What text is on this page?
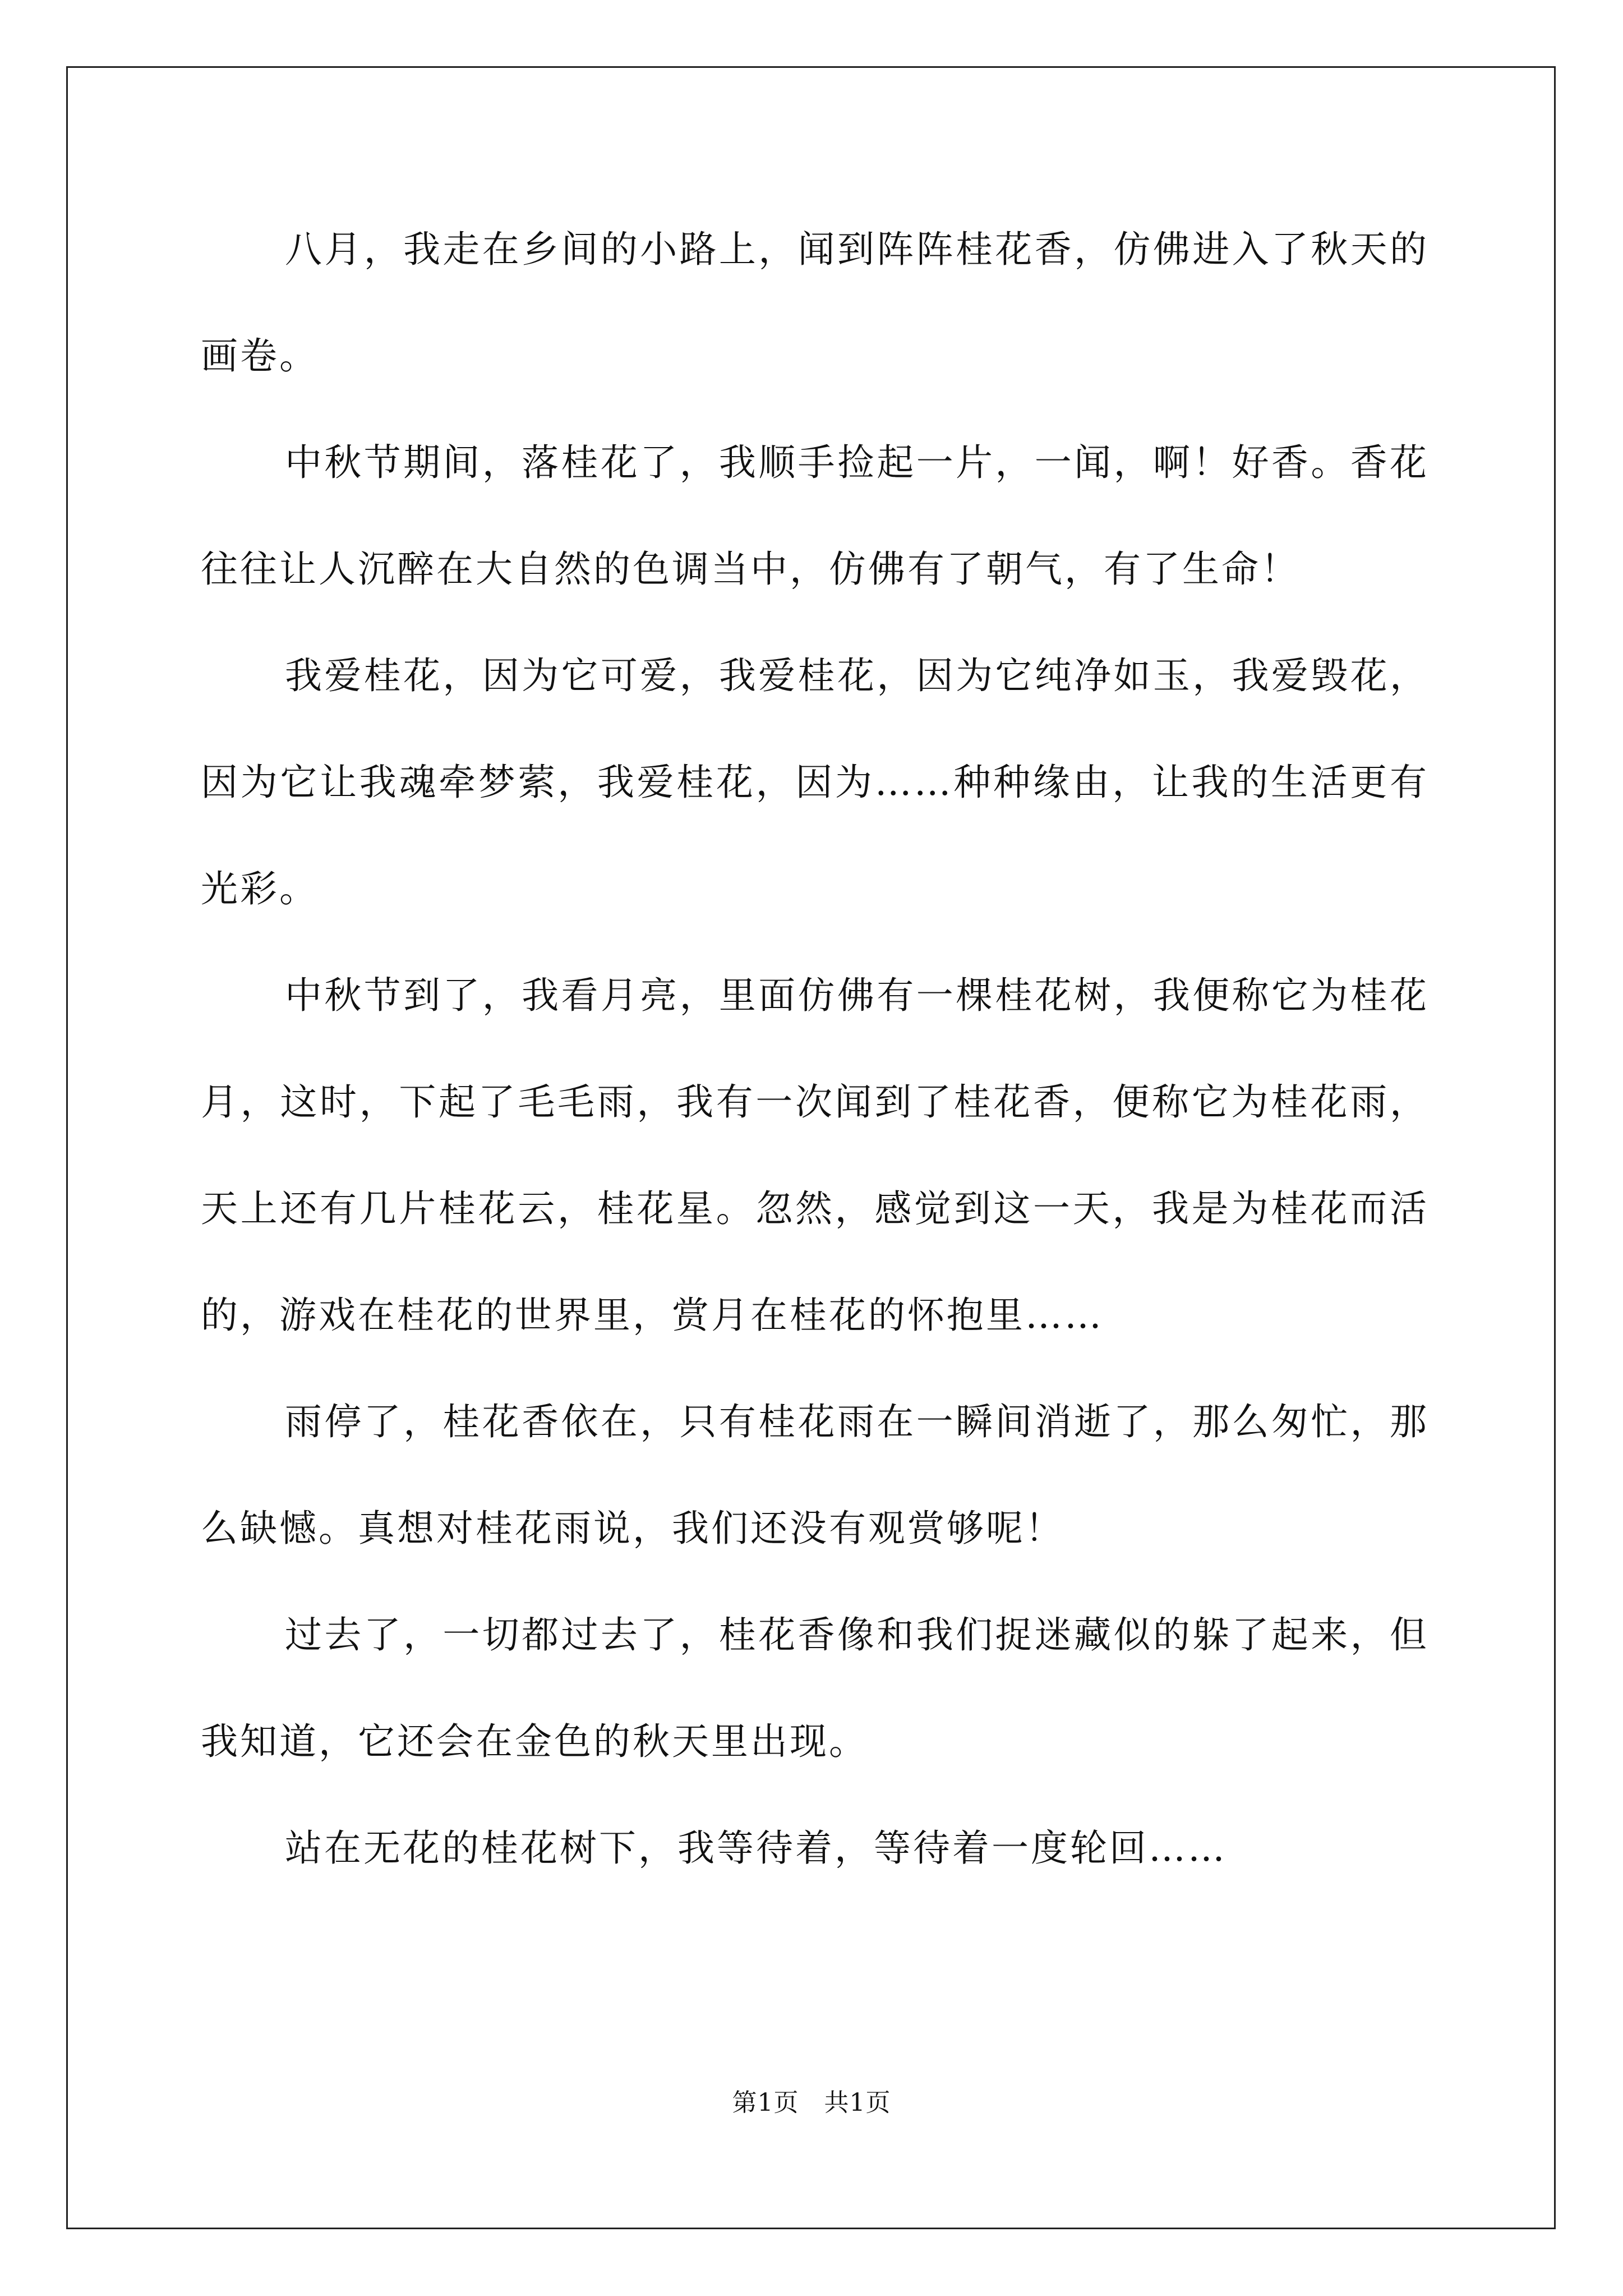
八月，我走在乡间的小路上，闻到阵阵桂花香，仿佛进入了秋天的画卷。

中秋节期间，落桂花了，我顺手捡起一片，一闻，啊！好香。香花往往让人沉醉在大自然的色调当中，仿佛有了朝气，有了生命！

我爱桂花，因为它可爱，我爱桂花，因为它纯净如玉，我爱毁花，因为它让我魂牵梦萦，我爱桂花，因为……种种缘由，让我的生活更有光彩。

中秋节到了，我看月亮，里面仿佛有一棵桂花树，我便称它为桂花月，这时，下起了毛毛雨，我有一次闻到了桂花香，便称它为桂花雨，天上还有几片桂花云，桂花星。忽然，感觉到这一天，我是为桂花而活的，游戏在桂花的世界里，赏月在桂花的怀抱里……

雨停了，桂花香依在，只有桂花雨在一瞬间消逝了，那么匆忙，那么缺憾。真想对桂花雨说，我们还没有观赏够呢！

过去了，一切都过去了，桂花香像和我们捉迷藏似的躲了起来，但我知道，它还会在金色的秋天里出现。

站在无花的桂花树下，我等待着，等待着一度轮回……

第1页 共1页
